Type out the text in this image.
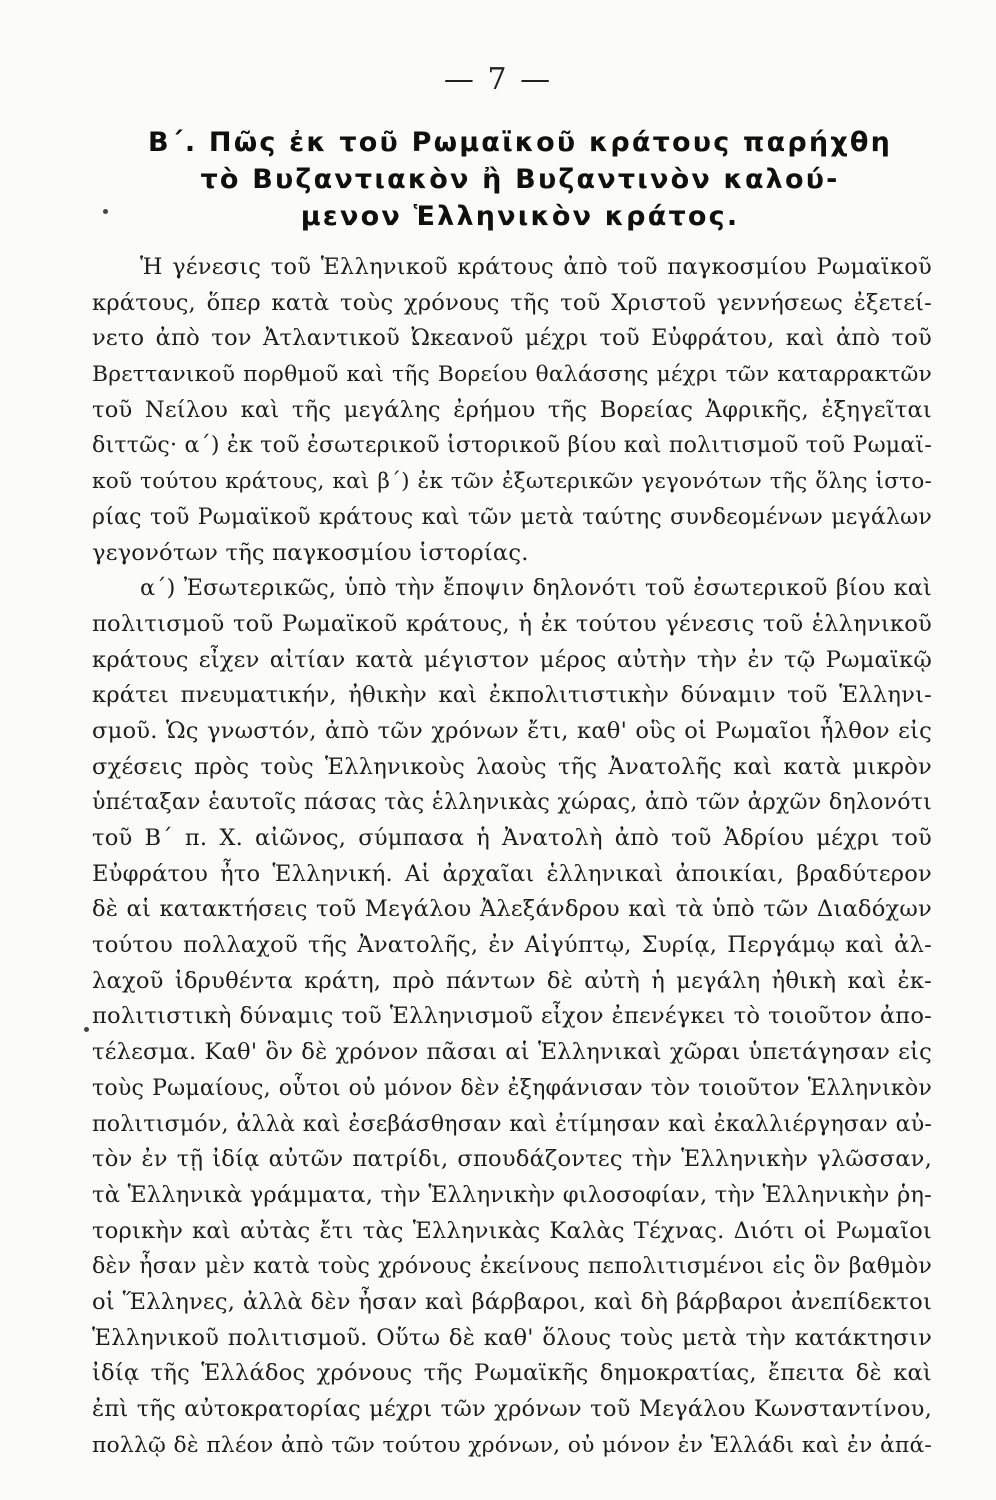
— 7 —
Β΄. Πῶς ἐκ τοῦ Ρωμαϊκοῦ κράτους παρήχθη
τὸ Βυζαντιακὸν ἢ Βυζαντινὸν καλού-
μενον Ἑλληνικὸν κράτος.
Ἡ γένεσις τοῦ Ἑλληνικοῦ κράτους ἀπὸ τοῦ παγκοσμίου Ρωμαϊκοῦ
κράτους, ὅπερ κατὰ τοὺς χρόνους τῆς τοῦ Χριστοῦ γεννήσεως ἐξετεί-
νετο ἀπὸ τον Ἀτλαντικοῦ Ὠκεανοῦ μέχρι τοῦ Εὐφράτου, καὶ ἀπὸ τοῦ
Βρεττανικοῦ πορθμοῦ καὶ τῆς Βορείου θαλάσσης μέχρι τῶν καταρρακτῶν
τοῦ Νείλου καὶ τῆς μεγάλης ἐρήμου τῆς Βορείας Ἀφρικῆς, ἐξηγεῖται
διττῶς· α΄) ἐκ τοῦ ἐσωτερικοῦ ἱστορικοῦ βίου καὶ πολιτισμοῦ τοῦ Ρωμαϊ-
κοῦ τούτου κράτους, καὶ β΄) ἐκ τῶν ἐξωτερικῶν γεγονότων τῆς ὅλης ἱστο-
ρίας τοῦ Ρωμαϊκοῦ κράτους καὶ τῶν μετὰ ταύτης συνδεομένων μεγάλων
γεγονότων τῆς παγκοσμίου ἱστορίας.
α΄) Ἐσωτερικῶς, ὑπὸ τὴν ἔποψιν δηλονότι τοῦ ἐσωτερικοῦ βίου καὶ
πολιτισμοῦ τοῦ Ρωμαϊκοῦ κράτους, ἡ ἐκ τούτου γένεσις τοῦ ἑλληνικοῦ
κράτους εἶχεν αἰτίαν κατὰ μέγιστον μέρος αὐτὴν τὴν ἐν τῷ Ρωμαϊκῷ
κράτει πνευματικήν, ἠθικὴν καὶ ἐκπολιτιστικὴν δύναμιν τοῦ Ἑλληνι-
σμοῦ. Ὡς γνωστόν, ἀπὸ τῶν χρόνων ἔτι, καθ' οὓς οἱ Ρωμαῖοι ἦλθον εἰς
σχέσεις πρὸς τοὺς Ἑλληνικοὺς λαοὺς τῆς Ἀνατολῆς καὶ κατὰ μικρὸν
ὑπέταξαν ἑαυτοῖς πάσας τὰς ἑλληνικὰς χώρας, ἀπὸ τῶν ἀρχῶν δηλονότι
τοῦ Β΄ π. Χ. αἰῶνος, σύμπασα ἡ Ἀνατολὴ ἀπὸ τοῦ Ἀδρίου μέχρι τοῦ
Εὐφράτου ἦτο Ἑλληνική. Αἱ ἀρχαῖαι ἑλληνικαὶ ἀποικίαι, βραδύτερον
δὲ αἱ κατακτήσεις τοῦ Μεγάλου Ἀλεξάνδρου καὶ τὰ ὑπὸ τῶν Διαδόχων
τούτου πολλαχοῦ τῆς Ἀνατολῆς, ἐν Αἰγύπτῳ, Συρίᾳ, Περγάμῳ καὶ ἀλ-
λαχοῦ ἱδρυθέντα κράτη, πρὸ πάντων δὲ αὐτὴ ἡ μεγάλη ἠθικὴ καὶ ἐκ-
πολιτιστικὴ δύναμις τοῦ Ἑλληνισμοῦ εἶχον ἐπενέγκει τὸ τοιοῦτον ἀπο-
τέλεσμα. Καθ' ὃν δὲ χρόνον πᾶσαι αἱ Ἑλληνικαὶ χῶραι ὑπετάγησαν εἰς
τοὺς Ρωμαίους, οὗτοι οὐ μόνον δὲν ἐξηφάνισαν τὸν τοιοῦτον Ἑλληνικὸν
πολιτισμόν, ἀλλὰ καὶ ἐσεβάσθησαν καὶ ἐτίμησαν καὶ ἐκαλλιέργησαν αὐ-
τὸν ἐν τῇ ἰδίᾳ αὐτῶν πατρίδι, σπουδάζοντες τὴν Ἑλληνικὴν γλῶσσαν,
τὰ Ἑλληνικὰ γράμματα, τὴν Ἑλληνικὴν φιλοσοφίαν, τὴν Ἑλληνικὴν ῥη-
τορικὴν καὶ αὐτὰς ἔτι τὰς Ἑλληνικὰς Καλὰς Τέχνας. Διότι οἱ Ρωμαῖοι
δὲν ἦσαν μὲν κατὰ τοὺς χρόνους ἐκείνους πεπολιτισμένοι εἰς ὃν βαθμὸν
οἱ Ἕλληνες, ἀλλὰ δὲν ἦσαν καὶ βάρβαροι, καὶ δὴ βάρβαροι ἀνεπίδεκτοι
Ἑλληνικοῦ πολιτισμοῦ. Οὕτω δὲ καθ' ὅλους τοὺς μετὰ τὴν κατάκτησιν
ἰδίᾳ τῆς Ἑλλάδος χρόνους τῆς Ρωμαϊκῆς δημοκρατίας, ἔπειτα δὲ καὶ
ἐπὶ τῆς αὐτοκρατορίας μέχρι τῶν χρόνων τοῦ Μεγάλου Κωνσταντίνου,
πολλῷ δὲ πλέον ἀπὸ τῶν τούτου χρόνων, οὐ μόνον ἐν Ἑλλάδι καὶ ἐν ἀπά-
